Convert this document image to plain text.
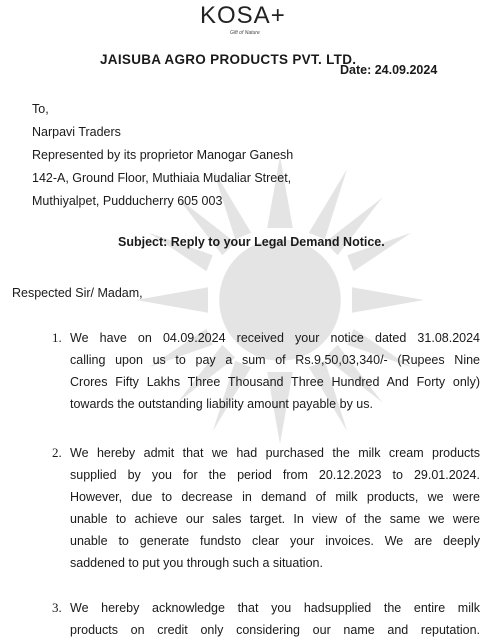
KOSA+
Gift of Nature
JAISUBA AGRO PRODUCTS PVT. LTD.
Date: 24.09.2024
To,
Narpavi Traders
Represented by its proprietor Manogar Ganesh
142-A, Ground Floor, Muthiaia Mudaliar Street,
Muthiyalpet, Pudducherry 605 003
Subject: Reply to your Legal Demand Notice.
Respected Sir/ Madam,
1. We have on 04.09.2024 received your notice dated 31.08.2024
calling upon us to pay a sum of Rs.9,50,03,340/- (Rupees Nine
Crores Fifty Lakhs Three Thousand Three Hundred And Forty only)
towards the outstanding liability amount payable by us.
2. We hereby admit that we had purchased the milk cream products
supplied by you for the period from 20.12.2023 to 29.01.2024.
However, due to decrease in demand of milk products, we were
unable to achieve our sales target. In view of the same we were
unable to generate fundsto clear your invoices. We are deeply
saddened to put you through such a situation.
3. We hereby acknowledge that you hadsupplied the entire milk
products on credit only considering our name and reputation.
